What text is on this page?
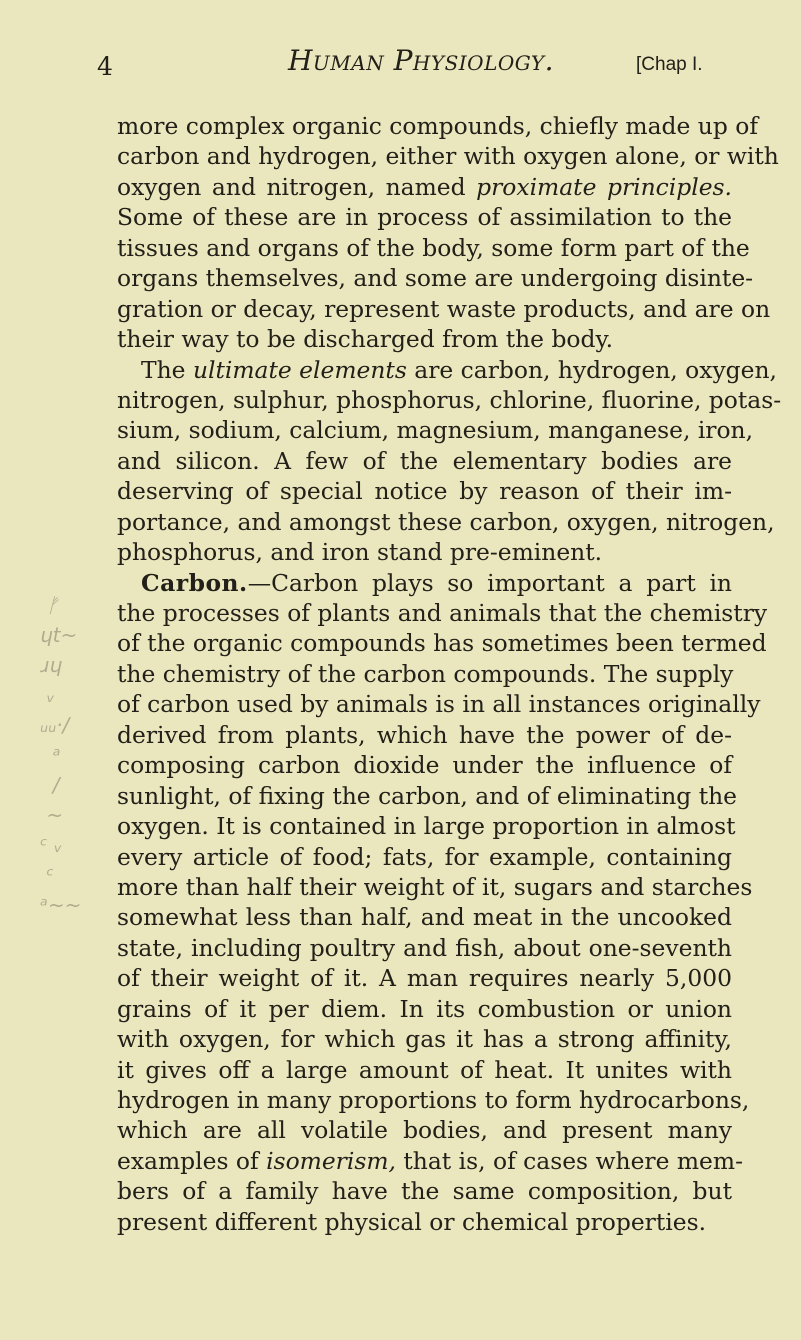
4	Human Physiology.	[Chap I.
ᚠ
ɥt~
ɹɥ
ᵥ
ᵤᵤ·/
ᵃ
/
~
ᶜ ᵥ
ᶜ
ᵃ~~
more complex organic compounds, chiefly made up of
carbon and hydrogen, either with oxygen alone, or with
oxygen and nitrogen, named proximate principles.
Some of these are in process of assimilation to the
tissues and organs of the body, some form part of the
organs themselves, and some are undergoing disinte-
gration or decay, represent waste products, and are on
their way to be discharged from the body.
The ultimate elements are carbon, hydrogen, oxygen,
nitrogen, sulphur, phosphorus, chlorine, fluorine, potas-
sium, sodium, calcium, magnesium, manganese, iron,
and silicon. A few of the elementary bodies are
deserving of special notice by reason of their im-
portance, and amongst these carbon, oxygen, nitrogen,
phosphorus, and iron stand pre-eminent.
Carbon.—Carbon plays so important a part in
the processes of plants and animals that the chemistry
of the organic compounds has sometimes been termed
the chemistry of the carbon compounds. The supply
of carbon used by animals is in all instances originally
derived from plants, which have the power of de-
composing carbon dioxide under the influence of
sunlight, of fixing the carbon, and of eliminating the
oxygen. It is contained in large proportion in almost
every article of food; fats, for example, containing
more than half their weight of it, sugars and starches
somewhat less than half, and meat in the uncooked
state, including poultry and fish, about one-seventh
of their weight of it. A man requires nearly 5,000
grains of it per diem. In its combustion or union
with oxygen, for which gas it has a strong affinity,
it gives off a large amount of heat. It unites with
hydrogen in many proportions to form hydrocarbons,
which are all volatile bodies, and present many
examples of isomerism, that is, of cases where mem-
bers of a family have the same composition, but
present different physical or chemical properties.
